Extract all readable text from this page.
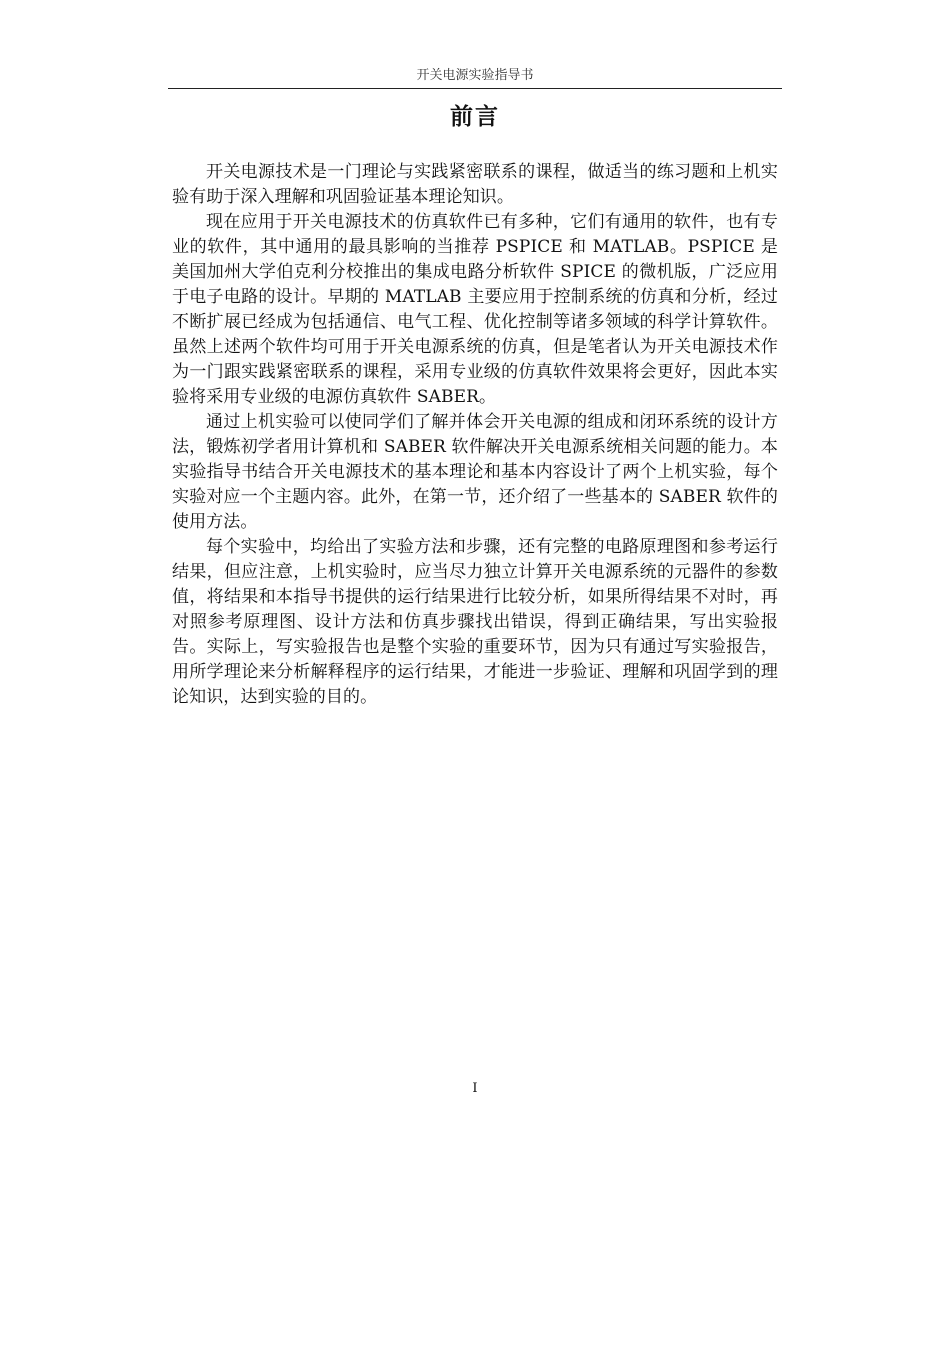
开关电源实验指导书
前言

开关电源技术是一门理论与实践紧密联系的课程，做适当的练习题和上机实验有助于深入理解和巩固验证基本理论知识。

现在应用于开关电源技术的仿真软件已有多种，它们有通用的软件，也有专业的软件，其中通用的最具影响的当推荐 PSPICE 和 MATLAB。PSPICE 是美国加州大学伯克利分校推出的集成电路分析软件 SPICE 的微机版，广泛应用于电子电路的设计。早期的 MATLAB 主要应用于控制系统的仿真和分析，经过不断扩展已经成为包括通信、电气工程、优化控制等诸多领域的科学计算软件。虽然上述两个软件均可用于开关电源系统的仿真，但是笔者认为开关电源技术作为一门跟实践紧密联系的课程，采用专业级的仿真软件效果将会更好，因此本实验将采用专业级的电源仿真软件 SABER。

通过上机实验可以使同学们了解并体会开关电源的组成和闭环系统的设计方法，锻炼初学者用计算机和 SABER 软件解决开关电源系统相关问题的能力。本实验指导书结合开关电源技术的基本理论和基本内容设计了两个上机实验，每个实验对应一个主题内容。此外，在第一节，还介绍了一些基本的 SABER 软件的使用方法。

每个实验中，均给出了实验方法和步骤，还有完整的电路原理图和参考运行结果，但应注意，上机实验时，应当尽力独立计算开关电源系统的元器件的参数值，将结果和本指导书提供的运行结果进行比较分析，如果所得结果不对时，再对照参考原理图、设计方法和仿真步骤找出错误，得到正确结果，写出实验报告。实际上，写实验报告也是整个实验的重要环节，因为只有通过写实验报告，用所学理论来分析解释程序的运行结果，才能进一步验证、理解和巩固学到的理论知识，达到实验的目的。

I
